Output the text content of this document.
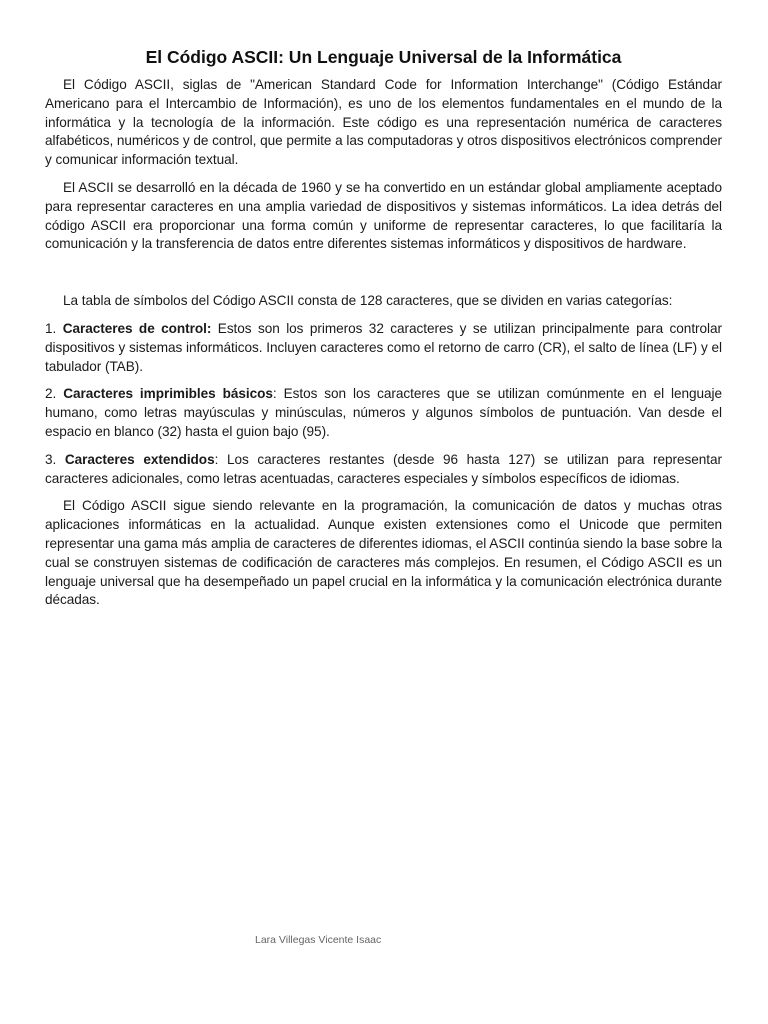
El Código ASCII: Un Lenguaje Universal de la Informática

El Código ASCII, siglas de "American Standard Code for Information Interchange" (Código Estándar Americano para el Intercambio de Información), es uno de los elementos fundamentales en el mundo de la informática y la tecnología de la información. Este código es una representación numérica de caracteres alfabéticos, numéricos y de control, que permite a las computadoras y otros dispositivos electrónicos comprender y comunicar información textual.

El ASCII se desarrolló en la década de 1960 y se ha convertido en un estándar global ampliamente aceptado para representar caracteres en una amplia variedad de dispositivos y sistemas informáticos. La idea detrás del código ASCII era proporcionar una forma común y uniforme de representar caracteres, lo que facilitaría la comunicación y la transferencia de datos entre diferentes sistemas informáticos y dispositivos de hardware.

La tabla de símbolos del Código ASCII consta de 128 caracteres, que se dividen en varias categorías:

1. Caracteres de control: Estos son los primeros 32 caracteres y se utilizan principalmente para controlar dispositivos y sistemas informáticos. Incluyen caracteres como el retorno de carro (CR), el salto de línea (LF) y el tabulador (TAB).

2. Caracteres imprimibles básicos: Estos son los caracteres que se utilizan comúnmente en el lenguaje humano, como letras mayúsculas y minúsculas, números y algunos símbolos de puntuación. Van desde el espacio en blanco (32) hasta el guion bajo (95).

3. Caracteres extendidos: Los caracteres restantes (desde 96 hasta 127) se utilizan para representar caracteres adicionales, como letras acentuadas, caracteres especiales y símbolos específicos de idiomas.

El Código ASCII sigue siendo relevante en la programación, la comunicación de datos y muchas otras aplicaciones informáticas en la actualidad. Aunque existen extensiones como el Unicode que permiten representar una gama más amplia de caracteres de diferentes idiomas, el ASCII continúa siendo la base sobre la cual se construyen sistemas de codificación de caracteres más complejos. En resumen, el Código ASCII es un lenguaje universal que ha desempeñado un papel crucial en la informática y la comunicación electrónica durante décadas.

Lara Villegas Vicente Isaac
